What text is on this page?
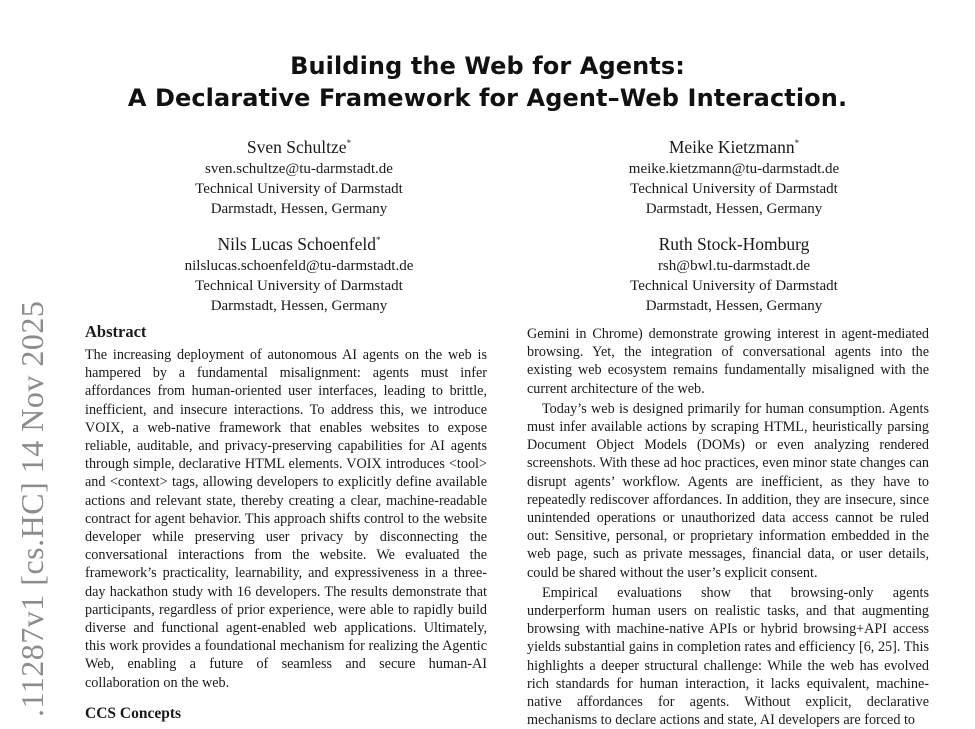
Building the Web for Agents:
A Declarative Framework for Agent–Web Interaction.
Sven Schultze*
sven.schultze@tu-darmstadt.de
Technical University of Darmstadt
Darmstadt, Hessen, Germany
Meike Kietzmann*
meike.kietzmann@tu-darmstadt.de
Technical University of Darmstadt
Darmstadt, Hessen, Germany
Nils Lucas Schoenfeld*
nilslucas.schoenfeld@tu-darmstadt.de
Technical University of Darmstadt
Darmstadt, Hessen, Germany
Ruth Stock-Homburg
rsh@bwl.tu-darmstadt.de
Technical University of Darmstadt
Darmstadt, Hessen, Germany
.11287v1 [cs.HC] 14 Nov 2025 Abstract

The increasing deployment of autonomous AI agents on the web is hampered by a fundamental misalignment: agents must infer affordances from human-oriented user interfaces, leading to brittle, inefficient, and insecure interactions. To address this, we introduce VOIX, a web-native framework that enables websites to expose reliable, auditable, and privacy-preserving capabilities for AI agents through simple, declarative HTML elements. VOIX introduces <tool> and <context> tags, allowing developers to explicitly define available actions and relevant state, thereby creating a clear, machine-readable contract for agent behavior. This approach shifts control to the website developer while preserving user privacy by disconnecting the conversational interactions from the website. We evaluated the framework’s practicality, learnability, and expressiveness in a three-day hackathon study with 16 developers. The results demonstrate that participants, regardless of prior experience, were able to rapidly build diverse and functional agent-enabled web applications. Ultimately, this work provides a foundational mechanism for realizing the Agentic Web, enabling a future of seamless and secure human-AI collaboration on the web.

CCS Concepts

Gemini in Chrome) demonstrate growing interest in agent-mediated browsing. Yet, the integration of conversational agents into the existing web ecosystem remains fundamentally misaligned with the current architecture of the web.

Today’s web is designed primarily for human consumption. Agents must infer available actions by scraping HTML, heuristically parsing Document Object Models (DOMs) or even analyzing rendered screenshots. With these ad hoc practices, even minor state changes can disrupt agents’ workflow. Agents are inefficient, as they have to repeatedly rediscover affordances. In addition, they are insecure, since unintended operations or unauthorized data access cannot be ruled out: Sensitive, personal, or proprietary information embedded in the web page, such as private messages, financial data, or user details, could be shared without the user’s explicit consent.

Empirical evaluations show that browsing-only agents underperform human users on realistic tasks, and that augmenting browsing with machine-native APIs or hybrid browsing+API access yields substantial gains in completion rates and efficiency [6, 25]. This highlights a deeper structural challenge: While the web has evolved rich standards for human interaction, it lacks equivalent, machine-native affordances for agents. Without explicit, declarative mechanisms to declare actions and state, AI developers are forced to
